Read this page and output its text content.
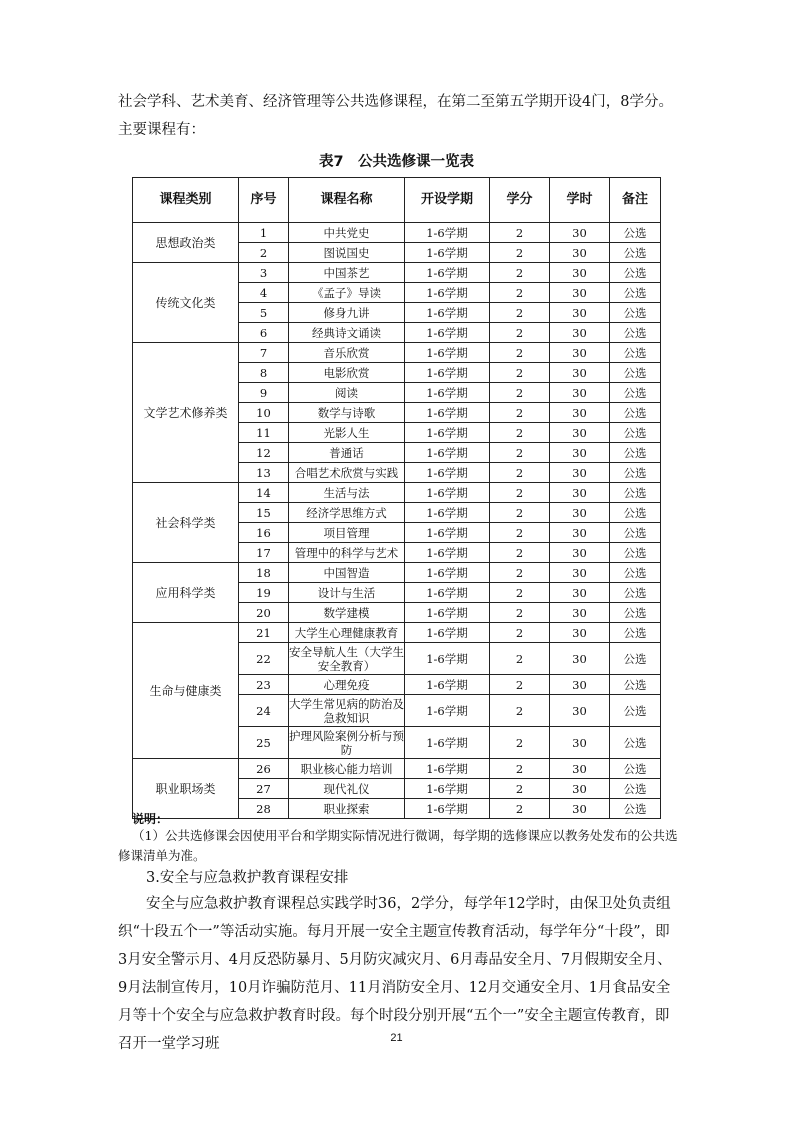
社会学科、艺术美育、经济管理等公共选修课程，在第二至第五学期开设4门，8学分。主要课程有：

表7　公共选修课一览表
课程类别	序号	课程名称	开设学期	学分	学时	备注
思想政治类	1	中共党史	1-6学期	2	30	公选
	2	图说国史	1-6学期	2	30	公选
传统文化类	3	中国茶艺	1-6学期	2	30	公选
	4	《孟子》导读	1-6学期	2	30	公选
	5	修身九讲	1-6学期	2	30	公选
	6	经典诗文诵读	1-6学期	2	30	公选
文学艺术修养类	7	音乐欣赏	1-6学期	2	30	公选
	8	电影欣赏	1-6学期	2	30	公选
	9	阅读	1-6学期	2	30	公选
	10	数学与诗歌	1-6学期	2	30	公选
	11	光影人生	1-6学期	2	30	公选
	12	普通话	1-6学期	2	30	公选
	13	合唱艺术欣赏与实践	1-6学期	2	30	公选
社会科学类	14	生活与法	1-6学期	2	30	公选
	15	经济学思维方式	1-6学期	2	30	公选
	16	项目管理	1-6学期	2	30	公选
	17	管理中的科学与艺术	1-6学期	2	30	公选
应用科学类	18	中国智造	1-6学期	2	30	公选
	19	设计与生活	1-6学期	2	30	公选
	20	数学建模	1-6学期	2	30	公选
生命与健康类	21	大学生心理健康教育	1-6学期	2	30	公选
	22	安全导航人生（大学生安全教育）	1-6学期	2	30	公选
	23	心理免疫	1-6学期	2	30	公选
	24	大学生常见病的防治及急救知识	1-6学期	2	30	公选
	25	护理风险案例分析与预防	1-6学期	2	30	公选
职业职场类	26	职业核心能力培训	1-6学期	2	30	公选
	27	现代礼仪	1-6学期	2	30	公选
	28	职业探索	1-6学期	2	30	公选
说明：
（1）公共选修课会因使用平台和学期实际情况进行微调，每学期的选修课应以教务处发布的公共选修课清单为准。

3.安全与应急救护教育课程安排

安全与应急救护教育课程总实践学时36，2学分，每学年12学时，由保卫处负责组织“十段五个一”等活动实施。每月开展一安全主题宣传教育活动，每学年分“十段”，即3月安全警示月、4月反恐防暴月、5月防灾减灾月、6月毒品安全月、7月假期安全月、9月法制宣传月，10月诈骗防范月、11月消防安全月、12月交通安全月、1月食品安全月等十个安全与应急救护教育时段。每个时段分别开展“五个一”安全主题宣传教育，即召开一堂学习班	21
